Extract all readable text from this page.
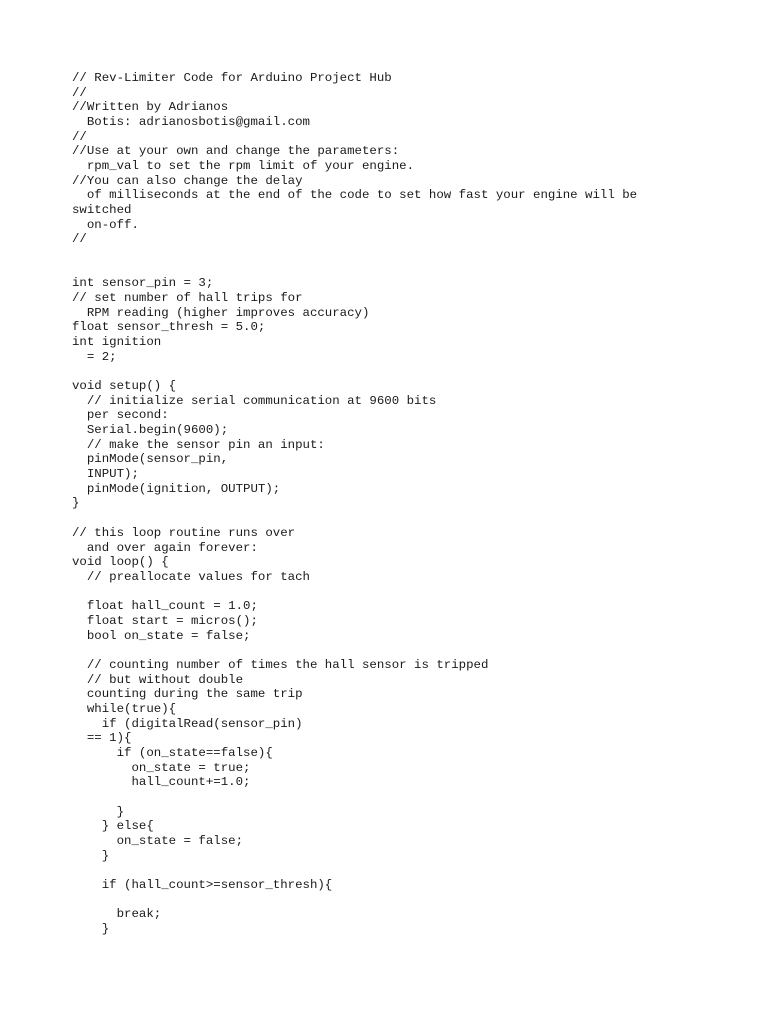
// Rev-Limiter Code for Arduino Project Hub
//
//Written by Adrianos
Botis: adrianosbotis@gmail.com
//
//Use at your own and change the parameters:
rpm_val to set the rpm limit of your engine.
//You can also change the delay
of milliseconds at the end of the code to set how fast your engine will be
switched
on-off.
//
int sensor_pin = 3;
// set number of hall trips for
RPM reading (higher improves accuracy)
float sensor_thresh = 5.0;
int ignition
= 2;
void setup() {
// initialize serial communication at 9600 bits
per second:
Serial.begin(9600);
// make the sensor pin an input:
pinMode(sensor_pin,
INPUT);
pinMode(ignition, OUTPUT);
}
// this loop routine runs over
and over again forever:
void loop() {
// preallocate values for tach
float hall_count = 1.0;
float start = micros();
bool on_state = false;
// counting number of times the hall sensor is tripped
// but without double
counting during the same trip
while(true){
if (digitalRead(sensor_pin)
== 1){
if (on_state==false){
on_state = true;
hall_count+=1.0;
}
} else{
on_state = false;
}
if (hall_count>=sensor_thresh){
break;
}
